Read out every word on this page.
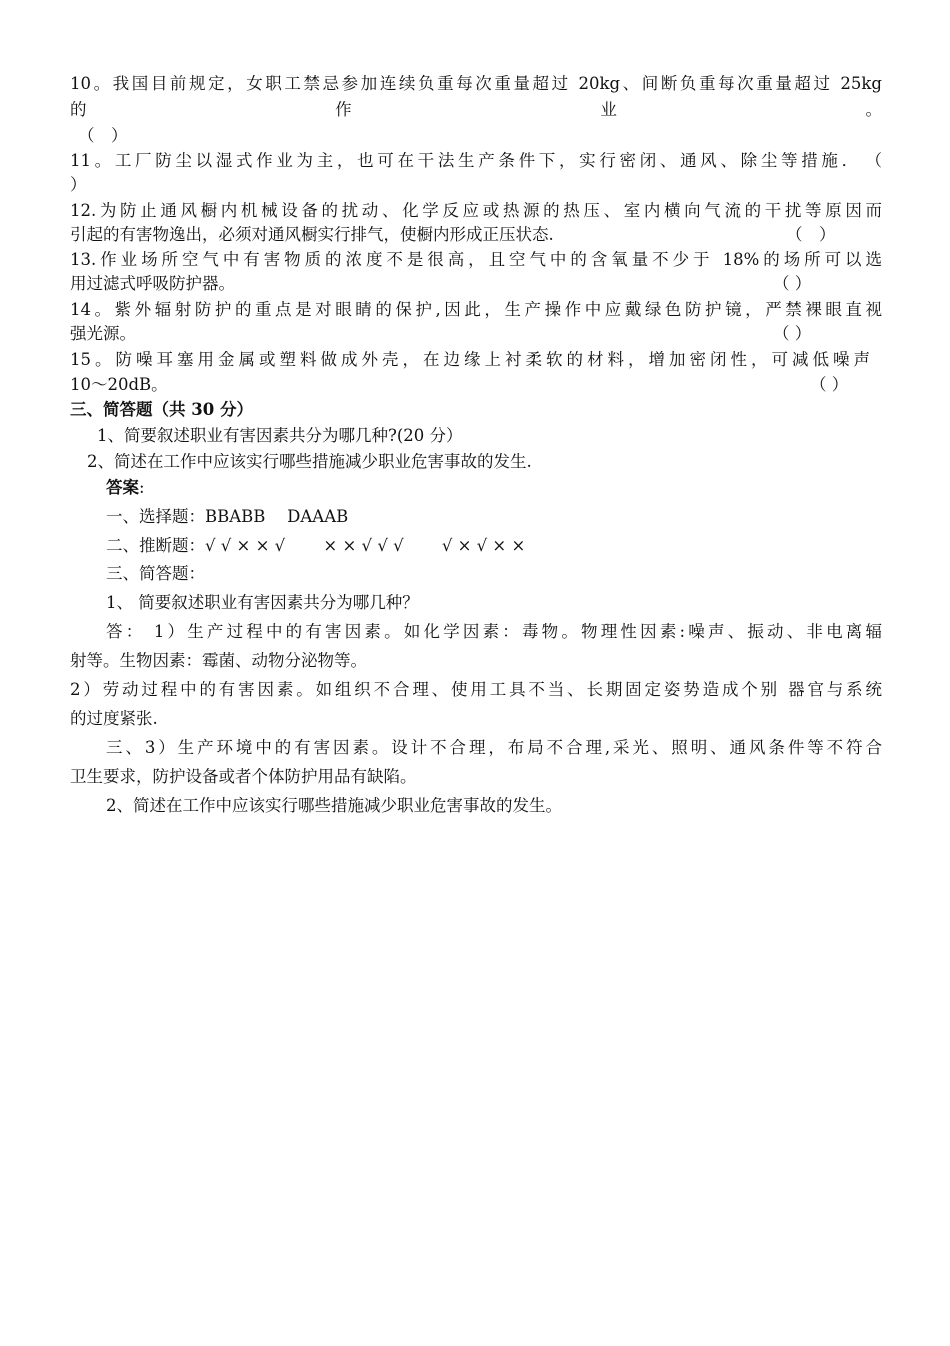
10。我国目前规定，女职工禁忌参加连续负重每次重量超过 20kg、间断负重每次重量超过 25kg
的　　　　　　　　　作　　　　　　　　　业　　　　　　　　　。
（　）
11。工厂防尘以湿式作业为主，也可在干法生产条件下，实行密闭、通风、除尘等措施．　（
）
12.为防止通风橱内机械设备的扰动、化学反应或热源的热压、室内横向气流的干扰等原因而
引起的有害物逸出，必须对通风橱实行排气，使橱内形成正压状态.	（　）
13.作业场所空气中有害物质的浓度不是很高，且空气中的含氧量不少于 18%的场所可以选
用过滤式呼吸防护器。	（ ）
14。紫外辐射防护的重点是对眼睛的保护,因此，生产操作中应戴绿色防护镜，严禁裸眼直视
强光源。	（ ）
15。防噪耳塞用金属或塑料做成外壳，在边缘上衬柔软的材料，增加密闭性，可减低噪声
10～20dB。	（ ）
三、简答题（共 30 分）
1、简要叙述职业有害因素共分为哪几种?(20 分）
2、简述在工作中应该实行哪些措施减少职业危害事故的发生.
答案:
一、选择题：BBABB　 DAAAB
二、推断题：√ √ × × √　　 × × √ √ √　　 √ × √ × ×
三、简答题：
1、 简要叙述职业有害因素共分为哪几种？
答： 1）生产过程中的有害因素。如化学因素：毒物。物理性因素:噪声、振动、非电离辐
射等。生物因素：霉菌、动物分泌物等。
2）劳动过程中的有害因素。如组织不合理、使用工具不当、长期固定姿势造成个别 器官与系统
的过度紧张.
三、3）生产环境中的有害因素。设计不合理，布局不合理,采光、照明、通风条件等不符合
卫生要求，防护设备或者个体防护用品有缺陷。
2、简述在工作中应该实行哪些措施减少职业危害事故的发生。
